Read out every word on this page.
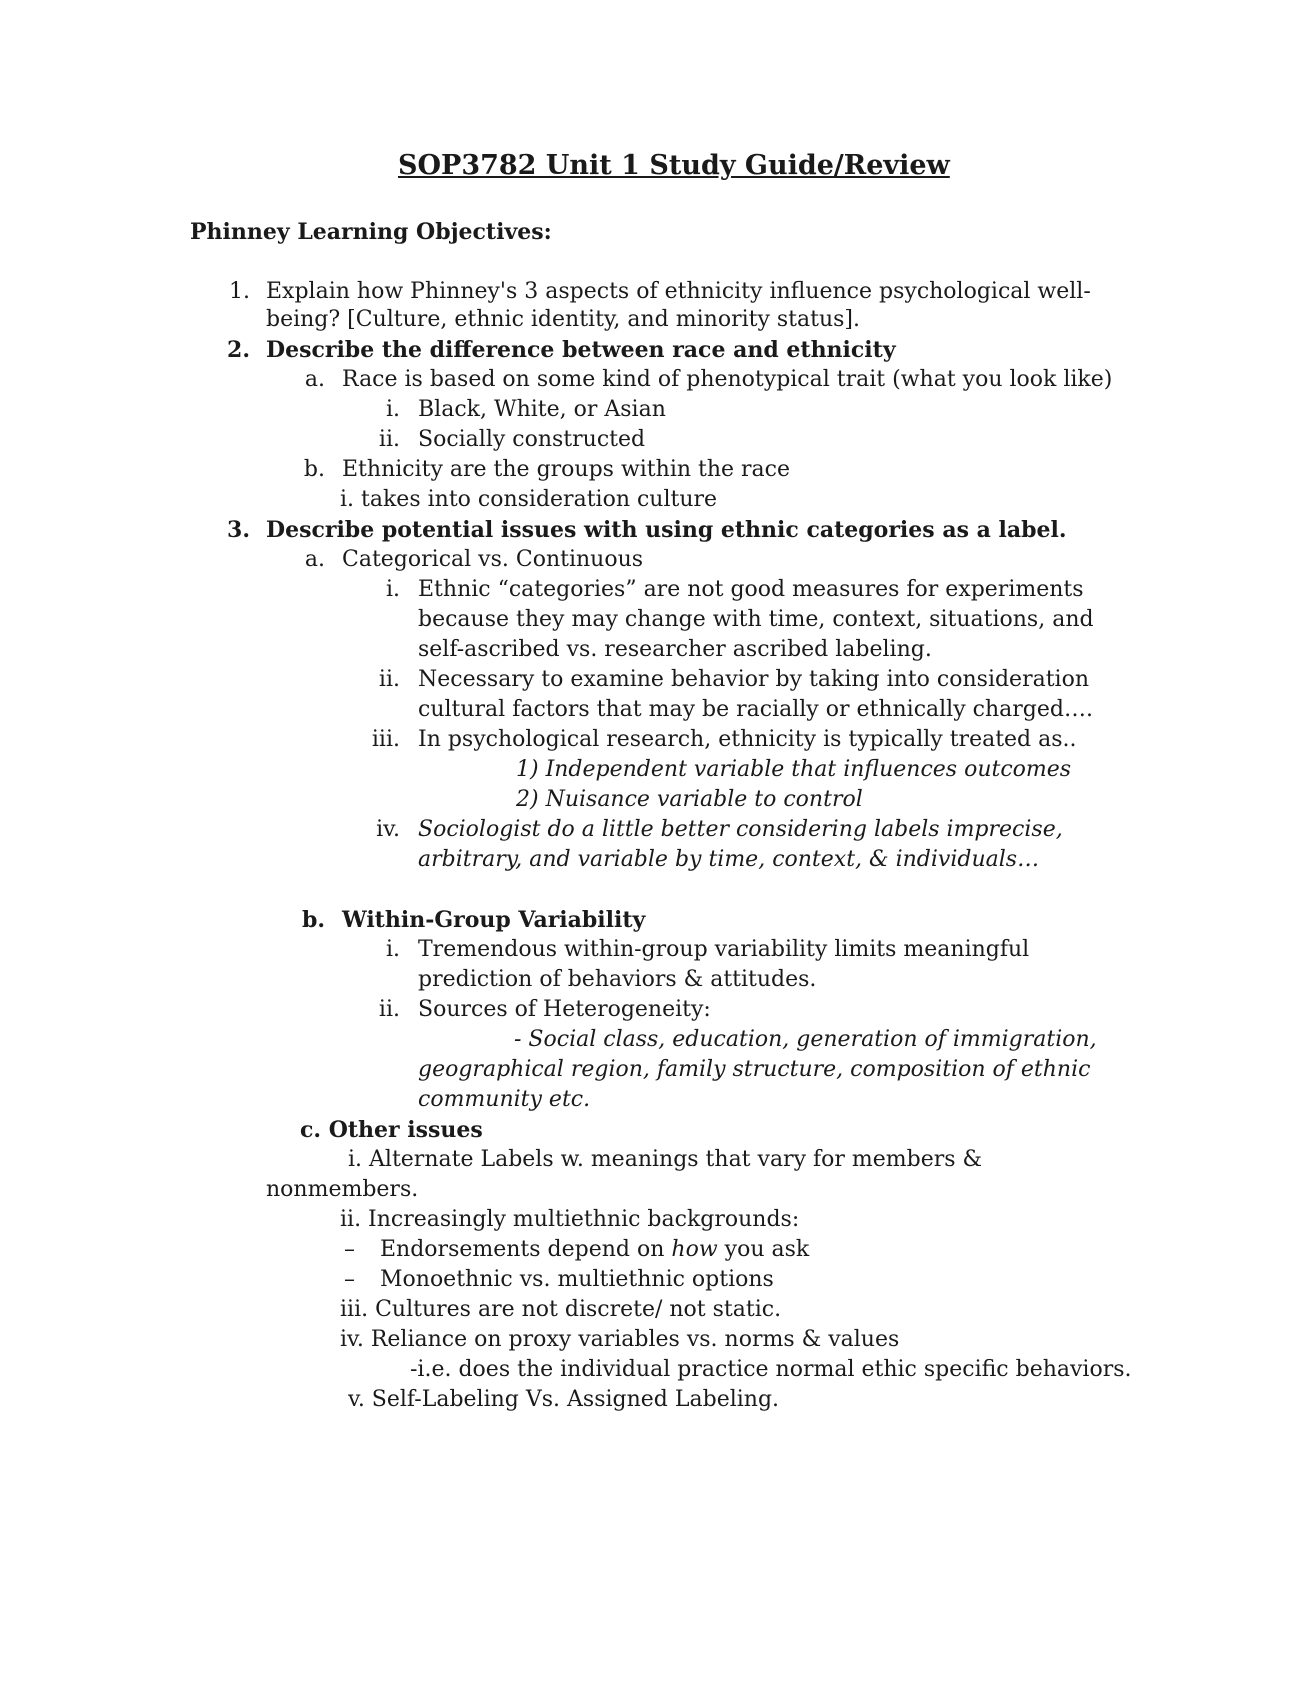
SOP3782 Unit 1 Study Guide/Review
Phinney Learning Objectives:
1. Explain how Phinney's 3 aspects of ethnicity influence psychological well-
being? [Culture, ethnic identity, and minority status].
2. Describe the difference between race and ethnicity
a. Race is based on some kind of phenotypical trait (what you look like)
i. Black, White, or Asian
ii. Socially constructed
b. Ethnicity are the groups within the race
i. takes into consideration culture
3. Describe potential issues with using ethnic categories as a label.
a. Categorical vs. Continuous
i. Ethnic “categories” are not good measures for experiments
because they may change with time, context, situations, and
self-ascribed vs. researcher ascribed labeling.
ii. Necessary to examine behavior by taking into consideration
cultural factors that may be racially or ethnically charged….
iii. In psychological research, ethnicity is typically treated as..
1) Independent variable that influences outcomes
2) Nuisance variable to control
iv. Sociologist do a little better considering labels imprecise,
arbitrary, and variable by time, context, & individuals…
b. Within-Group Variability
i. Tremendous within-group variability limits meaningful
prediction of behaviors & attitudes.
ii. Sources of Heterogeneity:
- Social class, education, generation of immigration,
geographical region, family structure, composition of ethnic
community etc.
c. Other issues
i. Alternate Labels w. meanings that vary for members &
nonmembers.
ii. Increasingly multiethnic backgrounds:
– Endorsements depend on how you ask
– Monoethnic vs. multiethnic options
iii. Cultures are not discrete/ not static.
iv. Reliance on proxy variables vs. norms & values
-i.e. does the individual practice normal ethic specific behaviors.
v. Self-Labeling Vs. Assigned Labeling.
